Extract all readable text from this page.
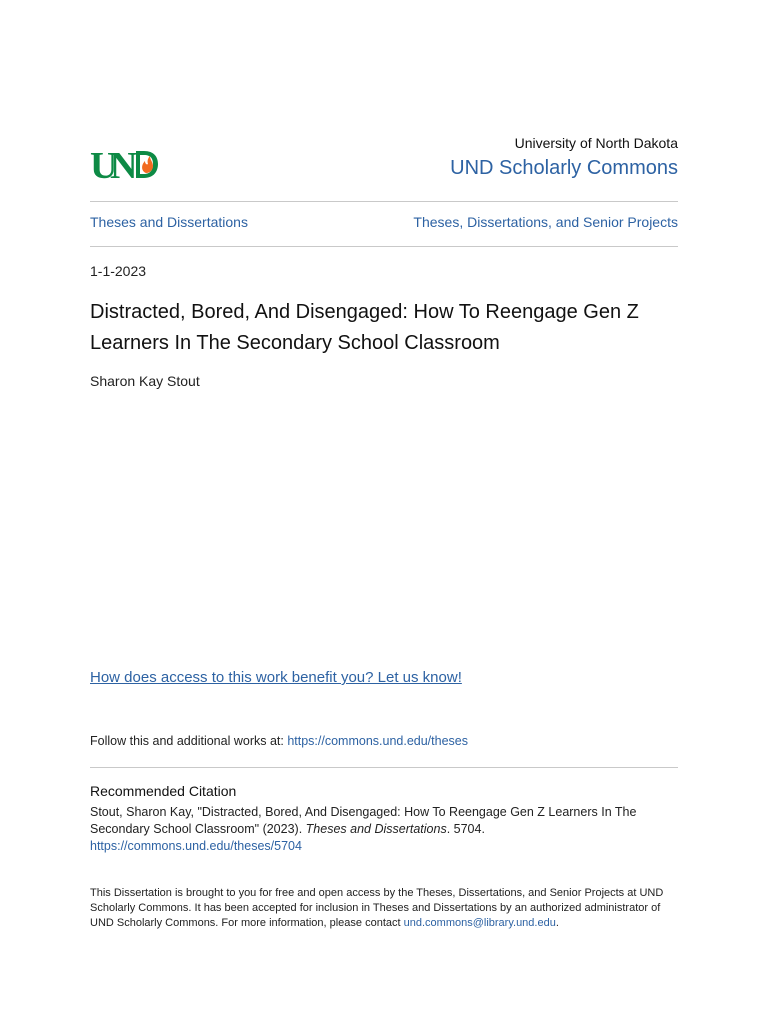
U
N
University of North Dakota
UND Scholarly Commons
Theses and Dissertations	Theses, Dissertations, and Senior Projects
1-1-2023
Distracted, Bored, And Disengaged: How To Reengage Gen Z Learners In The Secondary School Classroom
Sharon Kay Stout
How does access to this work benefit you? Let us know!
Follow this and additional works at: https://commons.und.edu/theses
Recommended Citation
Stout, Sharon Kay, "Distracted, Bored, And Disengaged: How To Reengage Gen Z Learners In The Secondary School Classroom" (2023). Theses and Dissertations. 5704.
https://commons.und.edu/theses/5704
This Dissertation is brought to you for free and open access by the Theses, Dissertations, and Senior Projects at UND Scholarly Commons. It has been accepted for inclusion in Theses and Dissertations by an authorized administrator of UND Scholarly Commons. For more information, please contact und.commons@library.und.edu.
